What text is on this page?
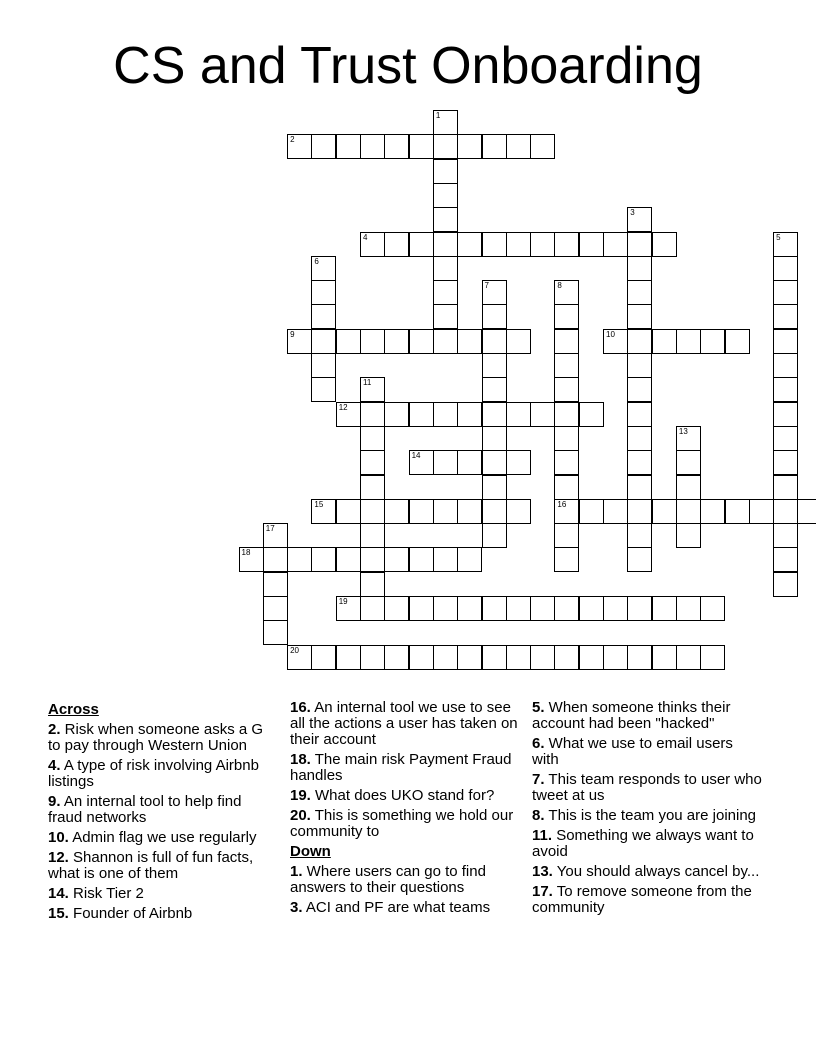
CS and Trust Onboarding
2
4
9	10
12
14
15	16
18
19
20
1
3
5
6
7	8
11
13
17
Across
2. Risk when someone asks a G to pay through Western Union
4. A type of risk involving Airbnb listings
9. An internal tool to help find fraud networks
10. Admin flag we use regularly
12. Shannon is full of fun facts, what is one of them
14. Risk Tier 2
15. Founder of Airbnb
16. An internal tool we use to see all the actions a user has taken on their account
18. The main risk Payment Fraud handles
19. What does UKO stand for?
20. This is something we hold our community to
Down
1. Where users can go to find answers to their questions
3. ACI and PF are what teams
5. When someone thinks their account had been "hacked"
6. What we use to email users with
7. This team responds to user who tweet at us
8. This is the team you are joining
11. Something we always want to avoid
13. You should always cancel by...
17. To remove someone from the community
